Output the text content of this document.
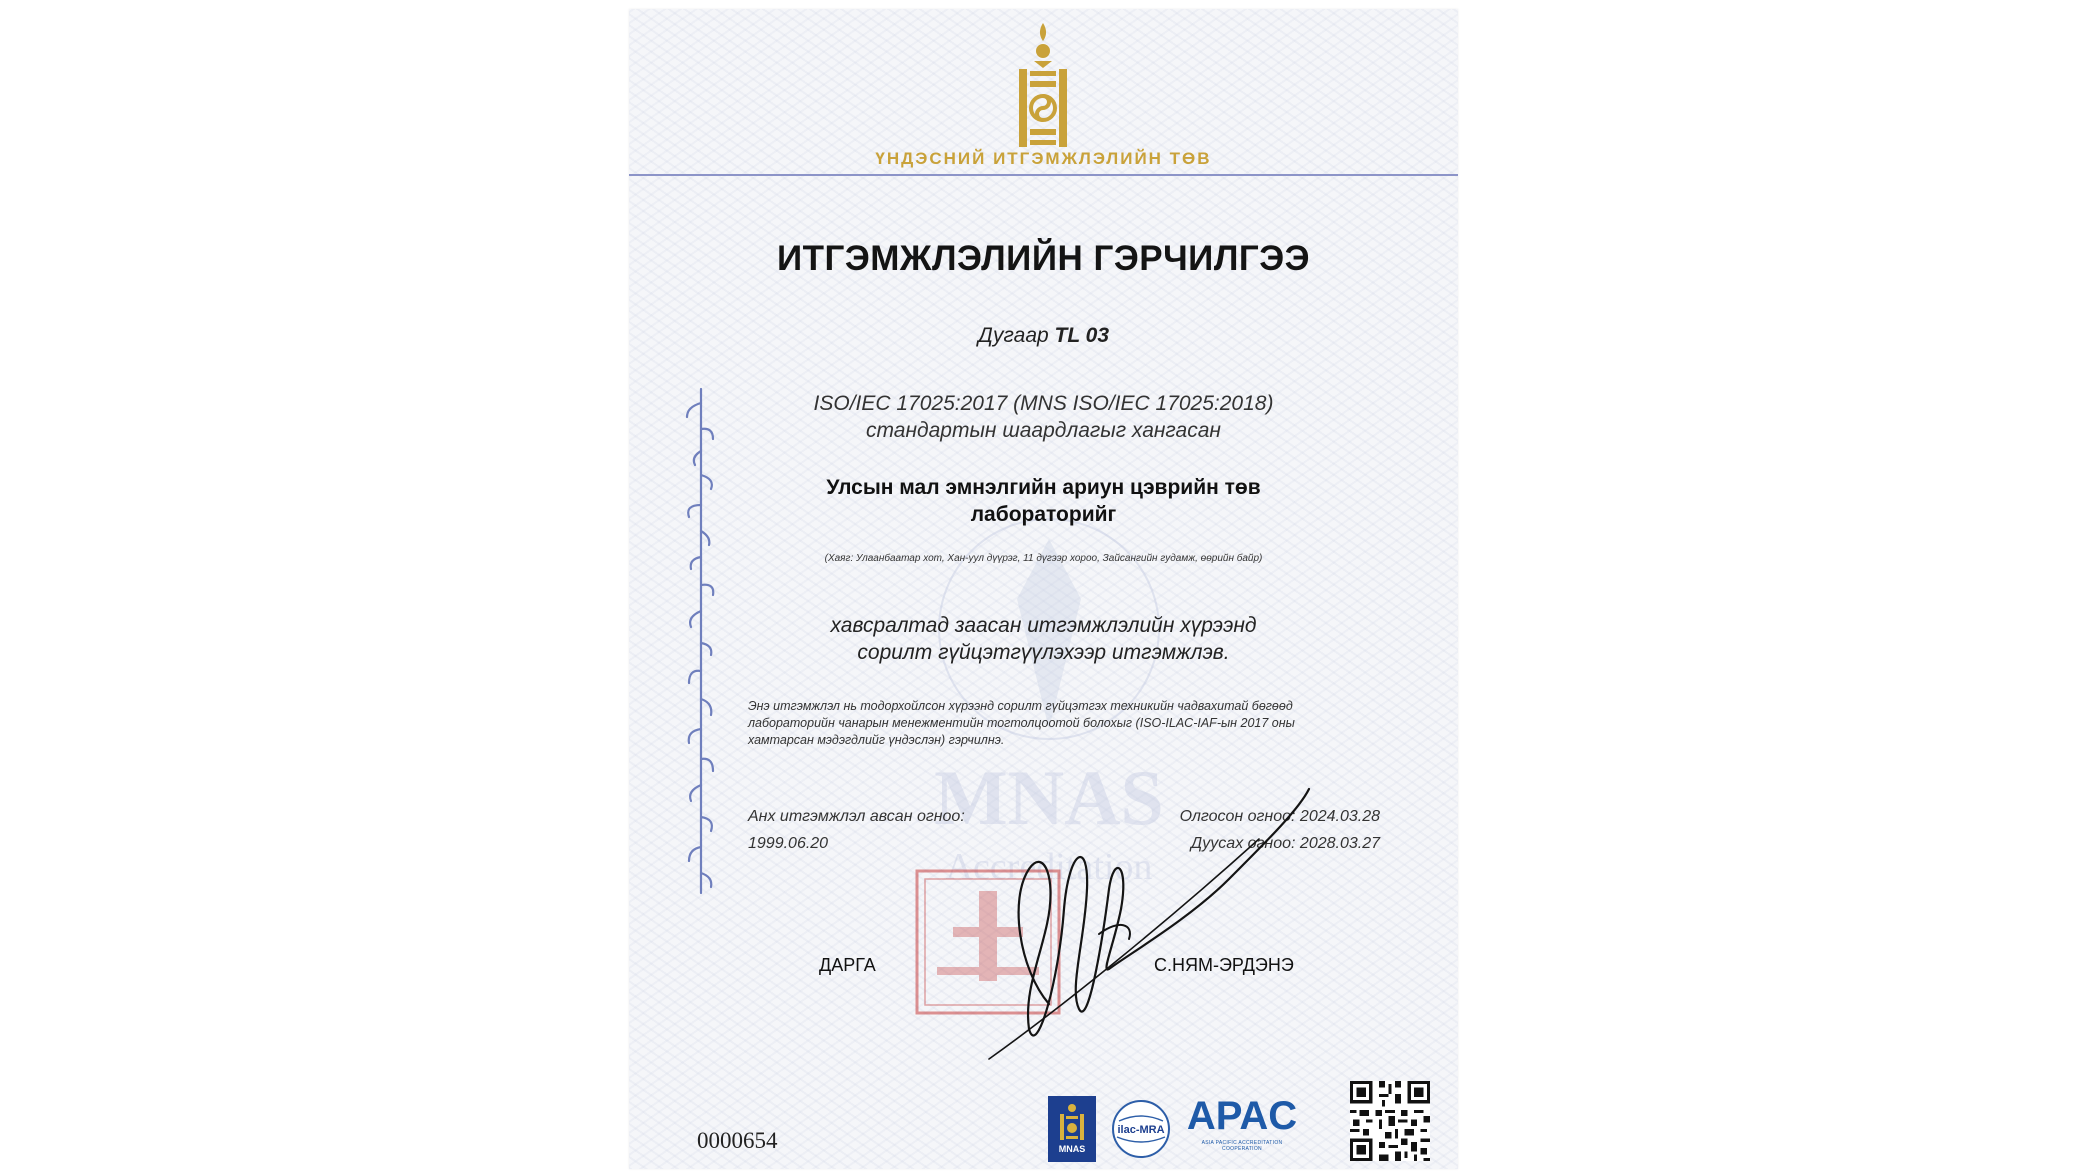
MNAS
Accreditation
ҮНДЭСНИЙ ИТГЭМЖЛЭЛИЙН ТӨВ
ИТГЭМЖЛЭЛИЙН ГЭРЧИЛГЭЭ
Дугаар TL 03
ISO/IEC 17025:2017 (MNS ISO/IEC 17025:2018)
стандартын шаардлагыг хангасан
Улсын мал эмнэлгийн ариун цэврийн төв
лабораторийг
(Хаяг: Улаанбаатар хот, Хан-уул дүүрэг, 11 дүгээр хороо, Зайсангийн гудамж, өөрийн байр)
хавсралтад заасан итгэмжлэлийн хүрээнд
сорилт гүйцэтгүүлэхээр итгэмжлэв.
Энэ итгэмжлэл нь тодорхойлсон хүрээнд сорилт гүйцэтгэх техникийн чадвахитай бөгөөд лабораторийн чанарын менежментийн тогтолцоотой болохыг (ISO-ILAC-IAF-ын 2017 оны хамтарсан мэдэгдлийг үндэслэн) гэрчилнэ.
Анх итгэмжлэл авсан огноо:
1999.06.20
Олгосон огноо: 2024.03.28
Дуусах огноо: 2028.03.27
ДАРГА	С.НЯМ-ЭРДЭНЭ
0000654	MNAS
ilac-MRA APAC
ASIA PACIFIC ACCREDITATION COOPERATION
